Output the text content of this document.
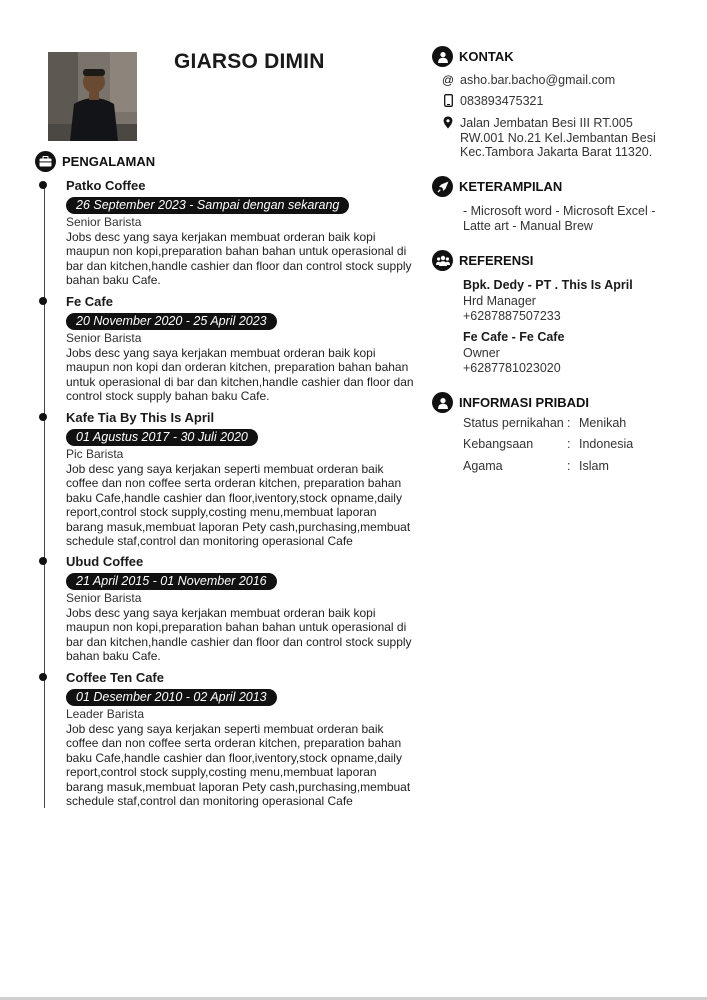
GIARSO DIMIN
PENGALAMAN
Patko Coffee
26 September 2023 - Sampai dengan sekarang
Senior Barista
Jobs desc yang saya kerjakan membuat orderan baik kopi
maupun non kopi,preparation bahan bahan untuk operasional di
bar dan kitchen,handle cashier dan floor dan control stock supply
bahan baku Cafe.
Fe Cafe
20 November 2020 - 25 April 2023
Senior Barista
Jobs desc yang saya kerjakan membuat orderan baik kopi
maupun non kopi dan orderan kitchen, preparation bahan bahan
untuk operasional di bar dan kitchen,handle cashier dan floor dan
control stock supply bahan baku Cafe.
Kafe Tia By This Is April
01 Agustus 2017 - 30 Juli 2020
Pic Barista
Job desc yang saya kerjakan seperti membuat orderan baik
coffee dan non coffee serta orderan kitchen, preparation bahan
baku Cafe,handle cashier dan floor,iventory,stock opname,daily
report,control stock supply,costing menu,membuat laporan
barang masuk,membuat laporan Pety cash,purchasing,membuat
schedule staf,control dan monitoring operasional Cafe
Ubud Coffee
21 April 2015 - 01 November 2016
Senior Barista
Jobs desc yang saya kerjakan membuat orderan baik kopi
maupun non kopi,preparation bahan bahan untuk operasional di
bar dan kitchen,handle cashier dan floor dan control stock supply
bahan baku Cafe.
Coffee Ten Cafe
01 Desember 2010 - 02 April 2013
Leader Barista
Job desc yang saya kerjakan seperti membuat orderan baik
coffee dan non coffee serta orderan kitchen, preparation bahan
baku Cafe,handle cashier dan floor,iventory,stock opname,daily
report,control stock supply,costing menu,membuat laporan
barang masuk,membuat laporan Pety cash,purchasing,membuat
schedule staf,control dan monitoring operasional Cafe
KONTAK
@ asho.bar.bacho@gmail.com
083893475321
Jalan Jembatan Besi III RT.005
RW.001 No.21 Kel.Jembantan Besi
Kec.Tambora Jakarta Barat 11320.
KETERAMPILAN
- Microsoft word - Microsoft Excel -
Latte art - Manual Brew
REFERENSI
Bpk. Dedy - PT . This Is April
Hrd Manager
+6287887507233
Fe Cafe - Fe Cafe
Owner
+6287781023020
INFORMASI PRIBADI
Status pernikahan : Menikah
Kebangsaan	: Indonesia
Agama	: Islam
